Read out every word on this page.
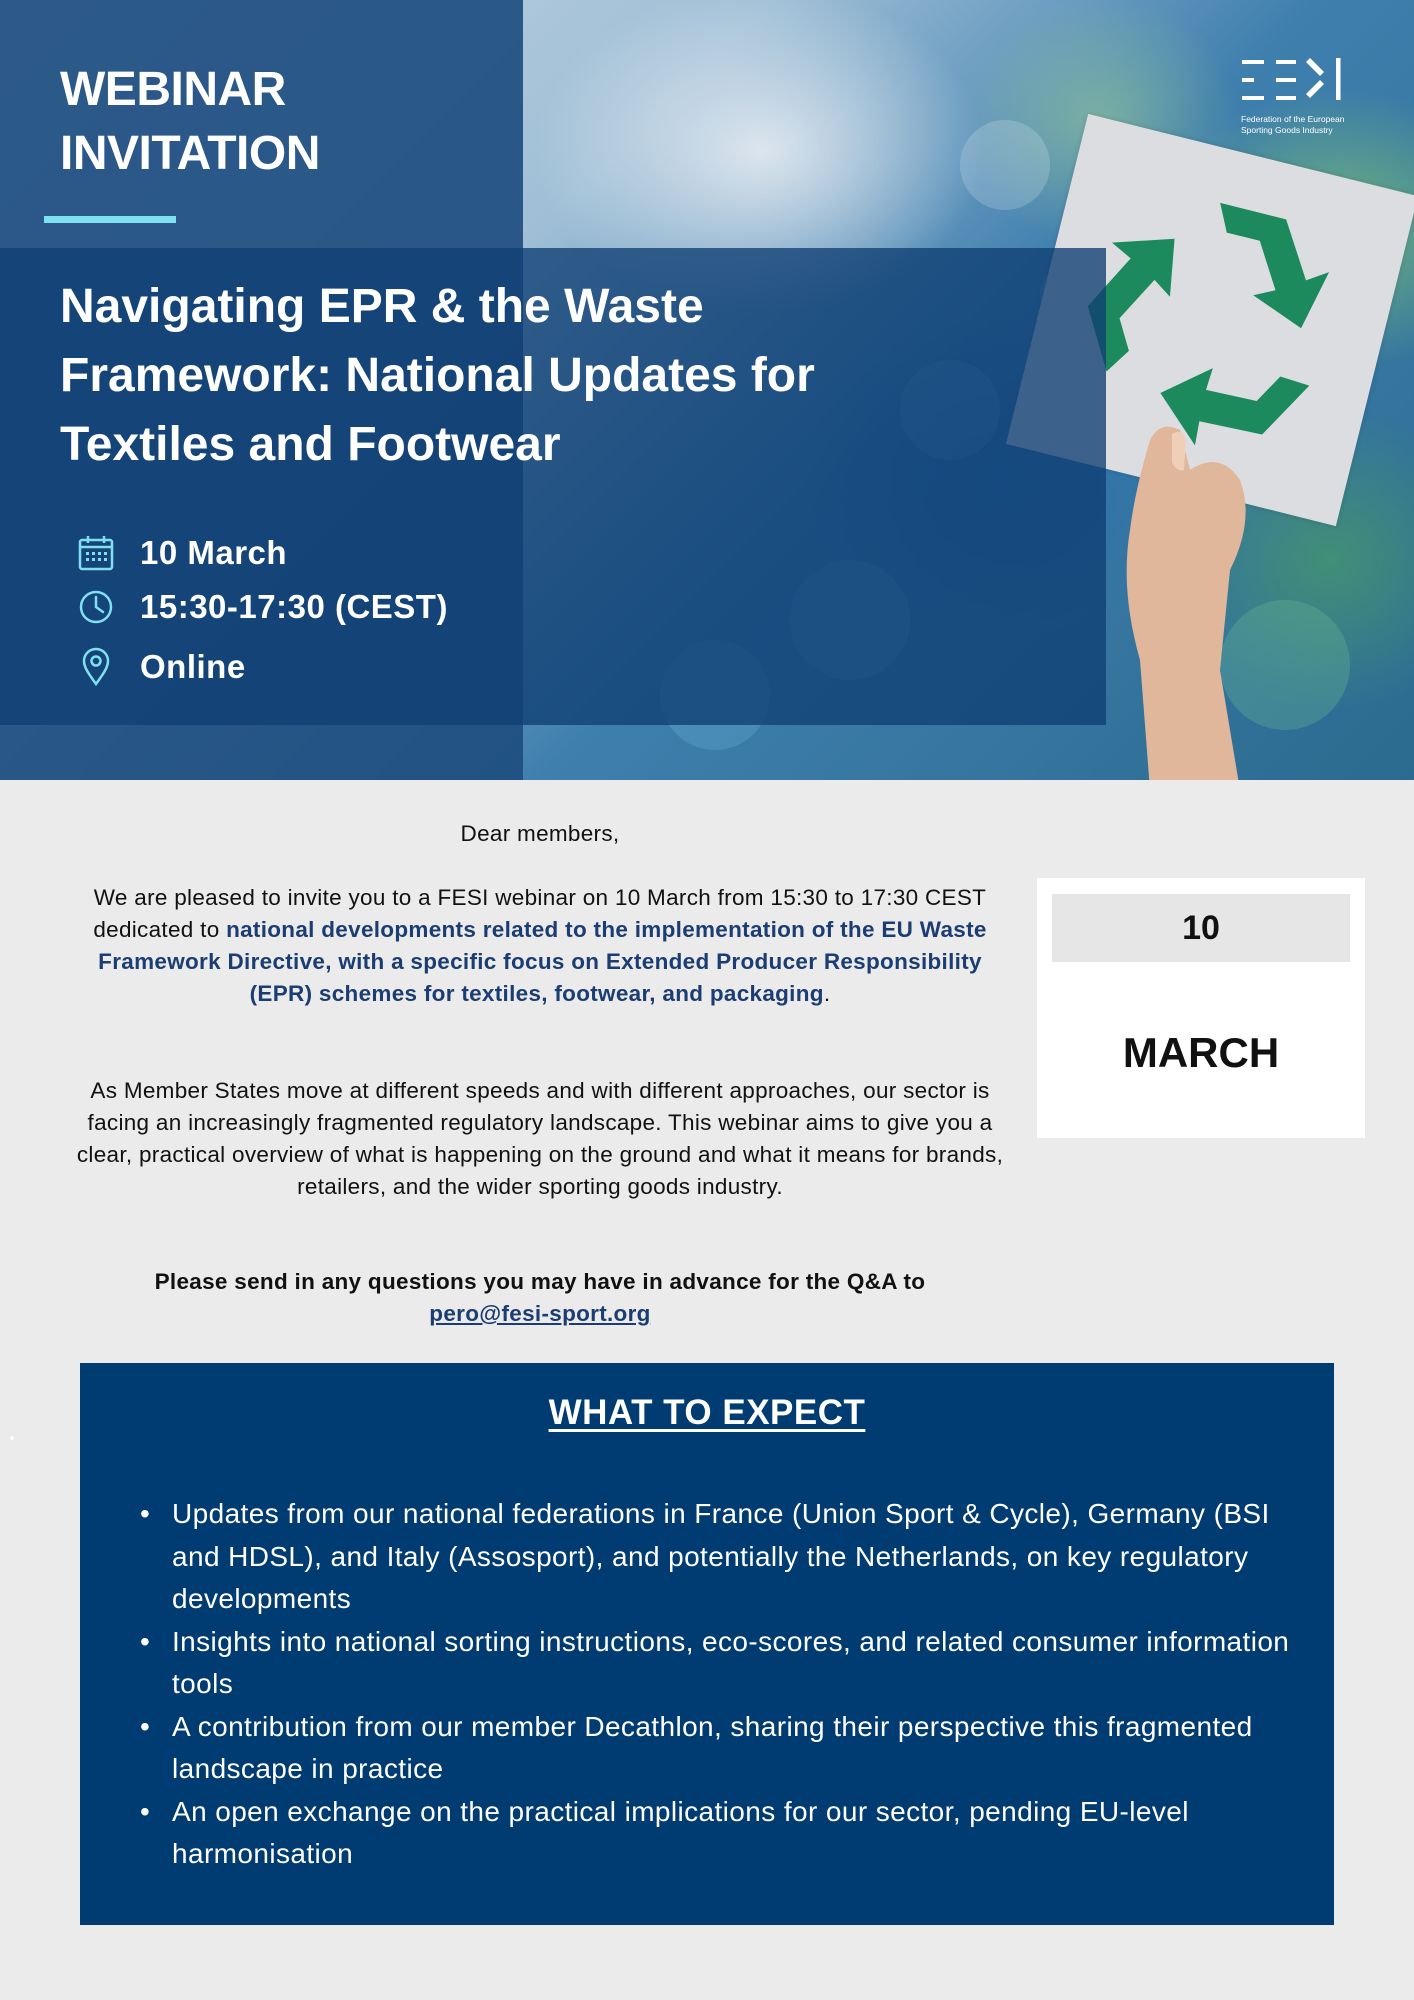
WEBINAR INVITATION
Navigating EPR & the Waste Framework: National Updates for Textiles and Footwear
10 March
15:30-17:30 (CEST)
Online
Federation of the European Sporting Goods Industry

Dear members,

We are pleased to invite you to a FESI webinar on 10 March from 15:30 to 17:30 CEST dedicated to national developments related to the implementation of the EU Waste Framework Directive, with a specific focus on Extended Producer Responsibility (EPR) schemes for textiles, footwear, and packaging.

As Member States move at different speeds and with different approaches, our sector is facing an increasingly fragmented regulatory landscape. This webinar aims to give you a clear, practical overview of what is happening on the ground and what it means for brands, retailers, and the wider sporting goods industry.

Please send in any questions you may have in advance for the Q&A to
pero@fesi-sport.org

10
MARCH
WHAT TO EXPECT
• Updates from our national federations in France (Union Sport & Cycle), Germany (BSI and HDSL), and Italy (Assosport), and potentially the Netherlands, on key regulatory developments
• Insights into national sorting instructions, eco-scores, and related consumer information tools
• A contribution from our member Decathlon, sharing their perspective this fragmented landscape in practice
• An open exchange on the practical implications for our sector, pending EU-level harmonisation
